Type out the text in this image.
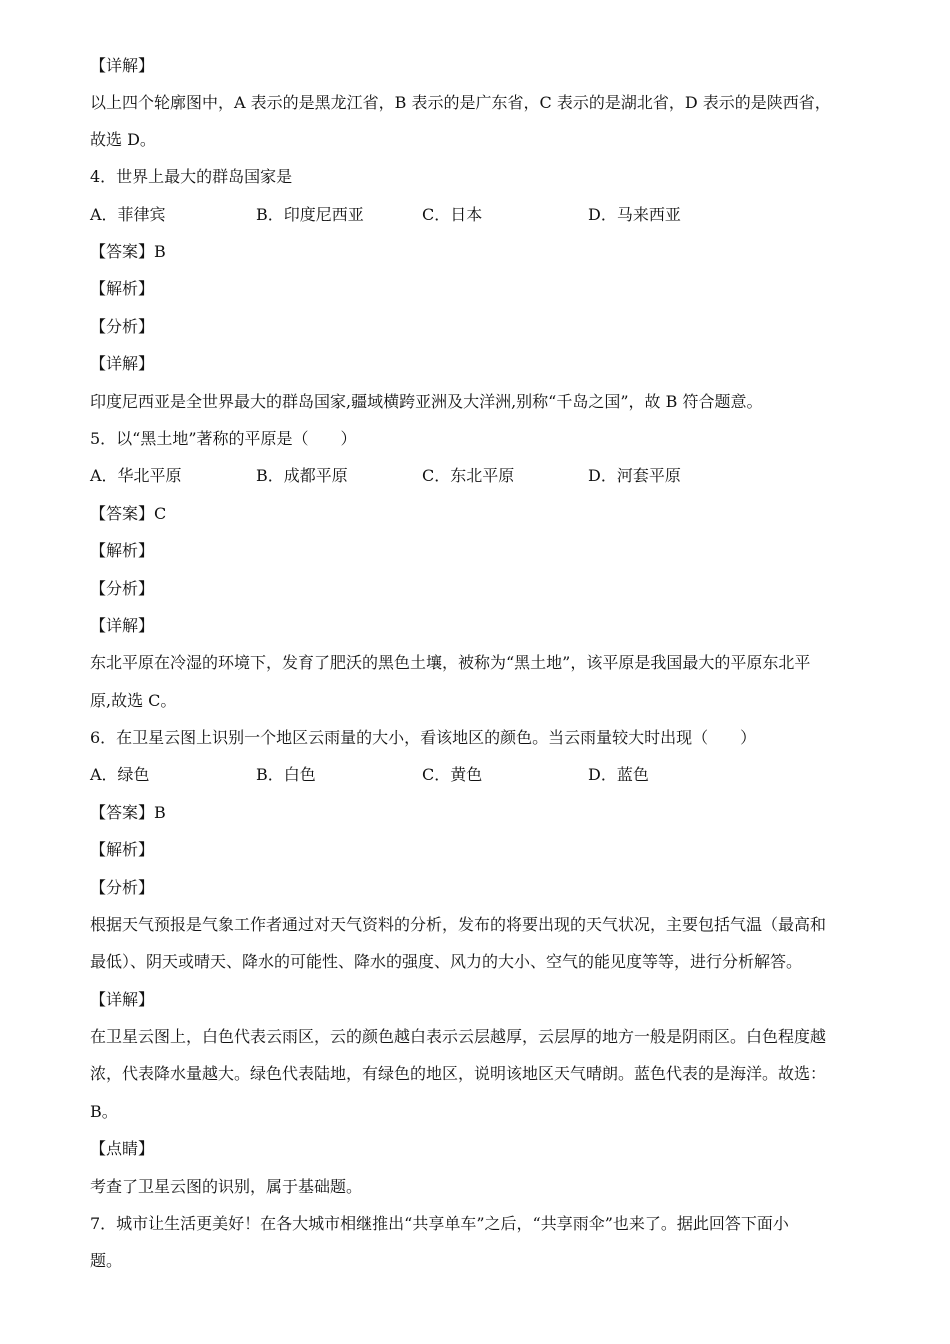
【详解】
以上四个轮廓图中，A 表示的是黑龙江省，B 表示的是广东省，C 表示的是湖北省，D 表示的是陕西省，
故选 D。
4．世界上最大的群岛国家是
A．菲律宾	B．印度尼西亚	C．日本	D．马来西亚
【答案】B
【解析】
【分析】
【详解】
印度尼西亚是全世界最大的群岛国家,疆域横跨亚洲及大洋洲,别称“千岛之国”，故 B 符合题意。
5．以“黑土地”著称的平原是（　　）
A．华北平原	B．成都平原	C．东北平原	D．河套平原
【答案】C
【解析】
【分析】
【详解】
东北平原在冷湿的环境下，发育了肥沃的黑色土壤，被称为“黑土地”，该平原是我国最大的平原东北平
原,故选 C。
6．在卫星云图上识别一个地区云雨量的大小，看该地区的颜色。当云雨量较大时出现（　　）
A．绿色	B．白色	C．黄色	D．蓝色
【答案】B
【解析】
【分析】
根据天气预报是气象工作者通过对天气资料的分析，发布的将要出现的天气状况，主要包括气温（最高和
最低）、阴天或晴天、降水的可能性、降水的强度、风力的大小、空气的能见度等等，进行分析解答。
【详解】
在卫星云图上，白色代表云雨区，云的颜色越白表示云层越厚，云层厚的地方一般是阴雨区。白色程度越
浓，代表降水量越大。绿色代表陆地，有绿色的地区，说明该地区天气晴朗。蓝色代表的是海洋。故选：
B。
【点睛】
考查了卫星云图的识别，属于基础题。
7．城市让生活更美好！在各大城市相继推出“共享单车”之后，“共享雨伞”也来了。据此回答下面小
题。
